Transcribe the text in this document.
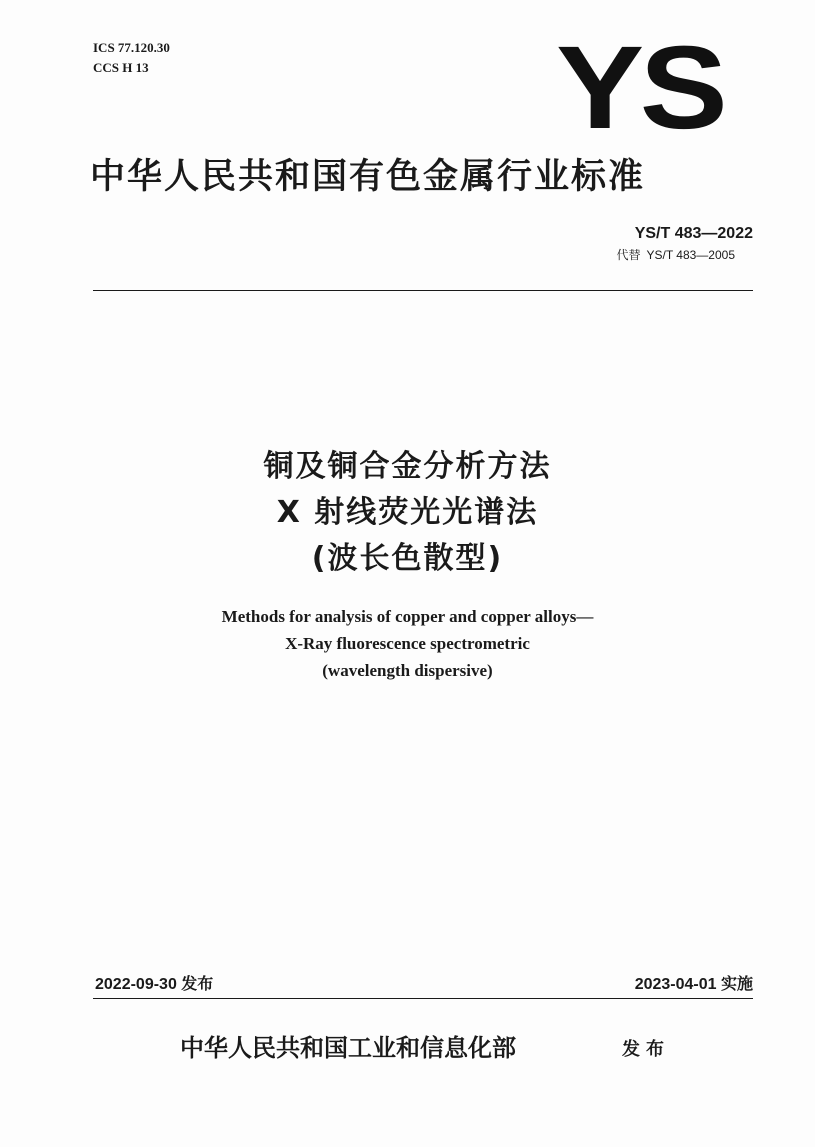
ICS 77.120.30
CCS H 13	YS
中华人民共和国有色金属行业标准
YS/T 483—2022
代替 YS/T 483—2005
铜及铜合金分析方法
X 射线荧光光谱法
(波长色散型)
Methods for analysis of copper and copper alloys—
X-Ray fluorescence spectrometric
(wavelength dispersive)
2022-09-30 发布	2023-04-01 实施
中华人民共和国工业和信息化部	发布
